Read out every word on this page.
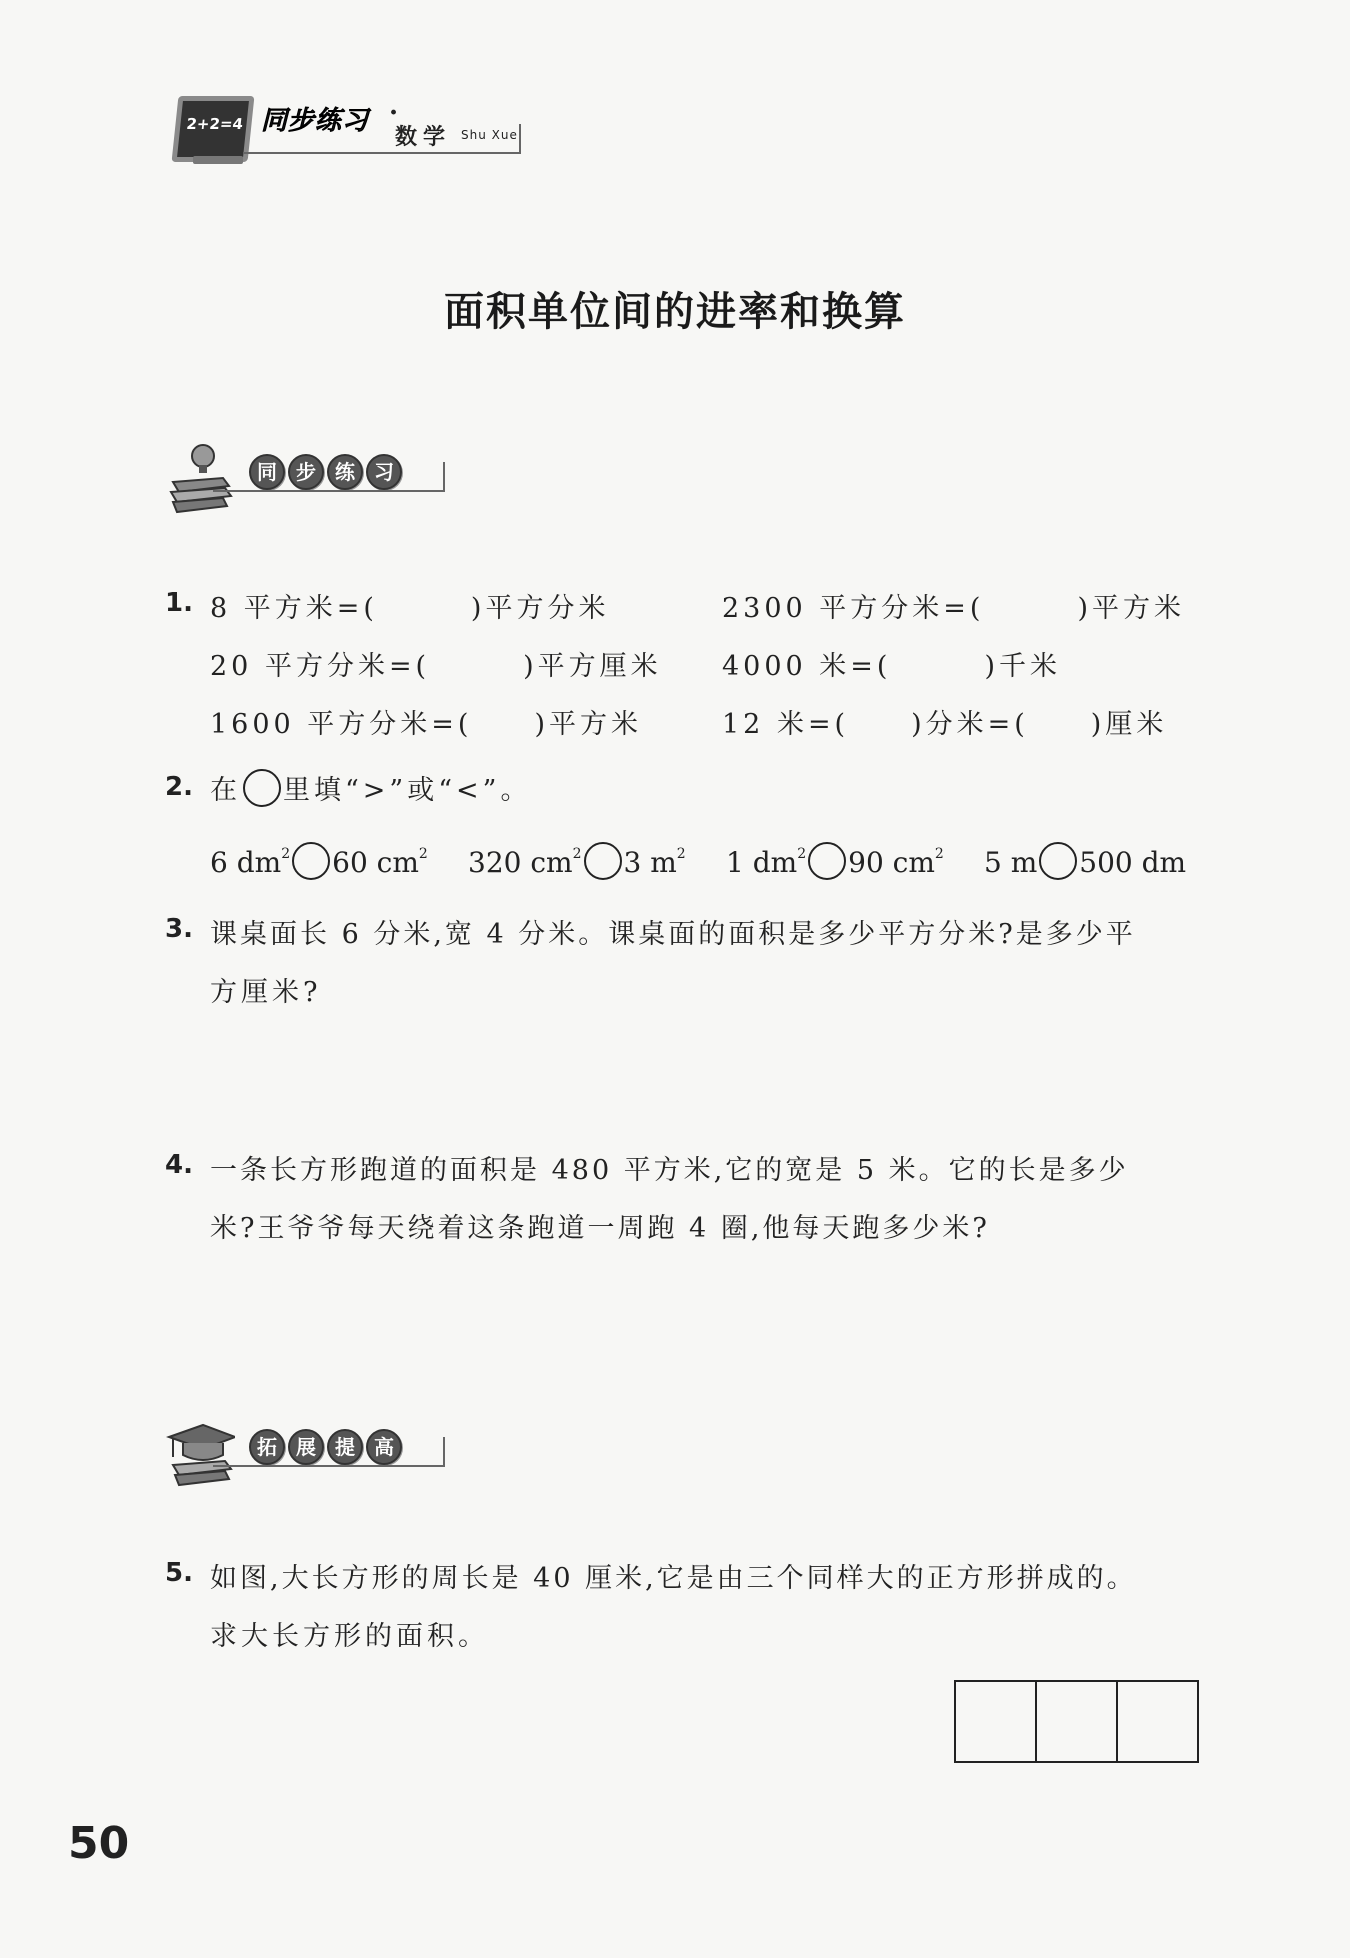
2+2=4 同步练习 ·
数学 Shu Xue
面积单位间的进率和换算
同 步 练 习
1. 8 平方米=(　　　)平方分米	2300 平方分米=(　　　)平方米
20 平方分米=(　　　)平方厘米 4000 米=(　　　)千米
1600 平方分米=(　　)平方米	12 米=(　　)分米=(　　)厘米
2. 在 里填“>”或“<”。
6 $dm^2$ 60 $cm^2$ 320 $cm^2$ 3 $m^2$ 1 $dm^2$ 90 $cm^2$ 5 m 500 dm
3. 课桌面长 6 分米,宽 4 分米。课桌面的面积是多少平方分米?是多少平
方厘米?
4. 一条长方形跑道的面积是 480 平方米,它的宽是 5 米。它的长是多少
米?王爷爷每天绕着这条跑道一周跑 4 圈,他每天跑多少米?
拓 展 提 高
5. 如图,大长方形的周长是 40 厘米,它是由三个同样大的正方形拼成的。
求大长方形的面积。
50
